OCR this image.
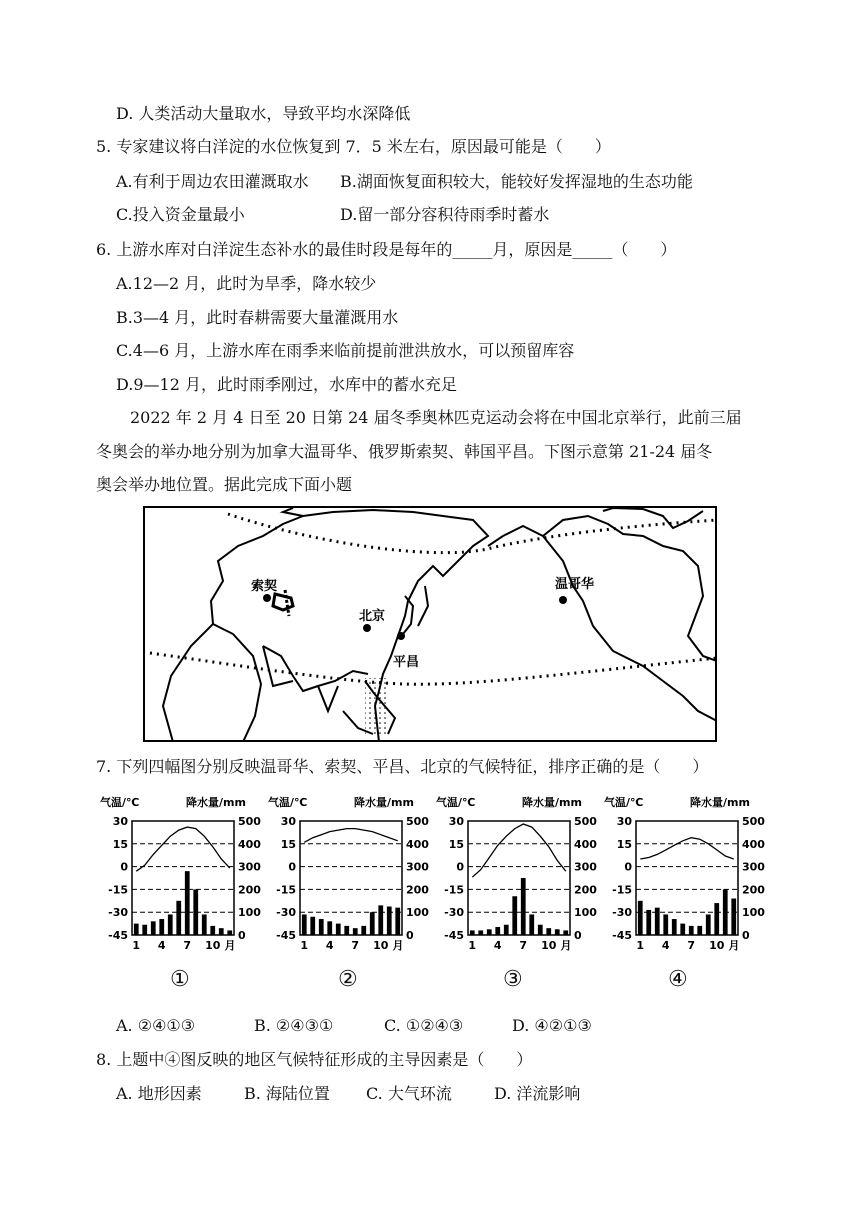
D. 人类活动大量取水，导致平均水深降低
5. 专家建议将白洋淀的水位恢复到 7．5 米左右，原因最可能是（　　）
A.有利于周边农田灌溉取水 B.湖面恢复面积较大，能较好发挥湿地的生态功能
C.投入资金量最小	D.留一部分容积待雨季时蓄水
6. 上游水库对白洋淀生态补水的最佳时段是每年的_____月，原因是_____（　　）
A.12—2 月，此时为旱季，降水较少
B.3—4 月，此时春耕需要大量灌溉用水
C.4—6 月，上游水库在雨季来临前提前泄洪放水，可以预留库容
D.9—12 月，此时雨季刚过，水库中的蓄水充足
2022 年 2 月 4 日至 20 日第 24 届冬季奥林匹克运动会将在中国北京举行，此前三届
冬奥会的举办地分别为加拿大温哥华、俄罗斯索契、韩国平昌。下图示意第 21-24 届冬
奥会举办地位置。据此完成下面小题
索契
北京
平昌
温哥华
7. 下列四幅图分别反映温哥华、索契、平昌、北京的气候特征，排序正确的是（　　）
气温/℃	降水量/mm
30
15
0
-15
-30
-45
500
400
300
200
100
0
1 4 7 10 月
气温/℃	降水量/mm
30
15
0
-15
-30
-45
500
400
300
200
100
0
1 4 7 10 月
气温/℃	降水量/mm
30
15
0
-15
-30
-45
500
400
300
200
100
0
1 4 7 10 月
气温/℃	降水量/mm
30
15
0
-15
-30
-45
500
400
300
200
100
0
1 4 7 10 月
①	②	③	④
A. ②④①③	B. ②④③①	C. ①②④③	D. ④②①③
8. 上题中④图反映的地区气候特征形成的主导因素是（　　）
A. 地形因素	B. 海陆位置 C. 大气环流	D. 洋流影响
